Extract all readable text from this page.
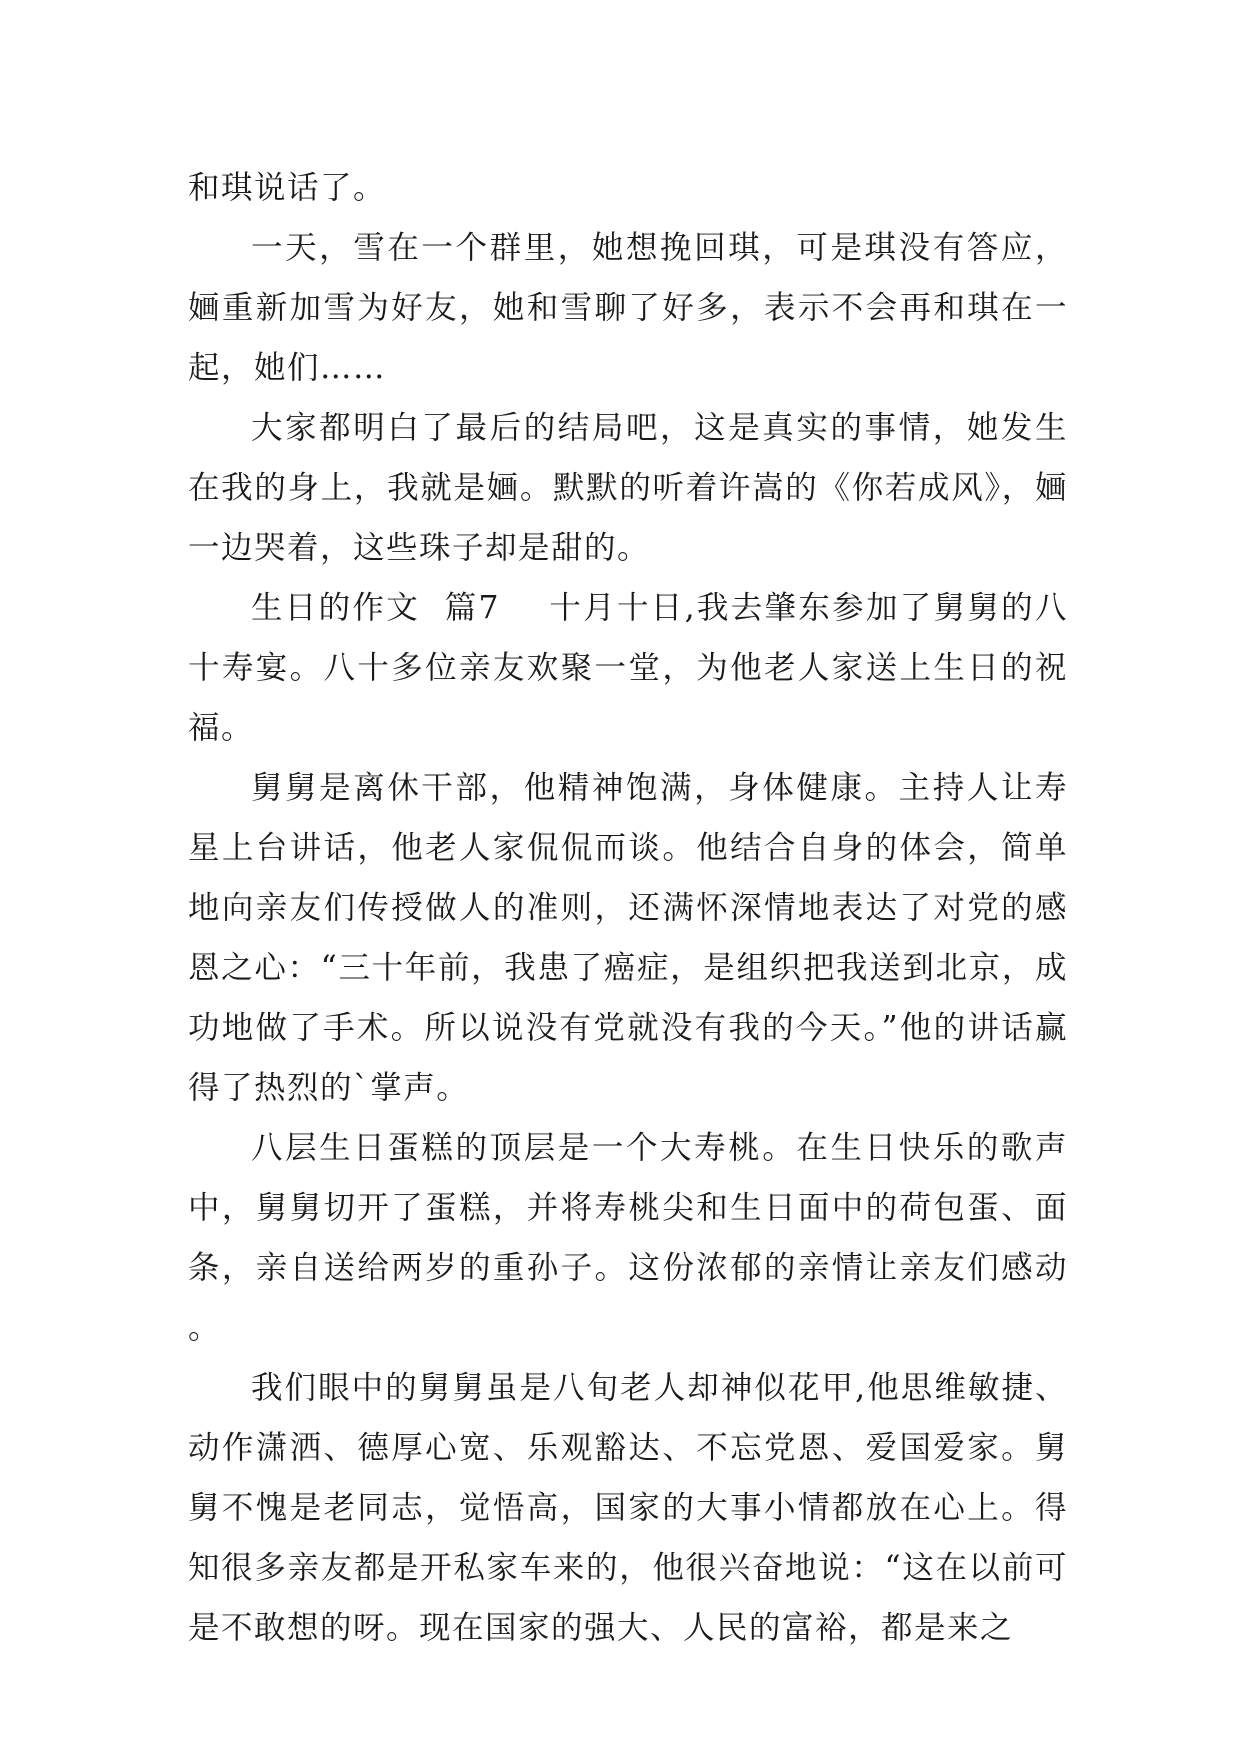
和琪说话了。

一天，雪在一个群里，她想挽回琪，可是琪没有答应，婳重新加雪为好友，她和雪聊了好多，表示不会再和琪在一起，她们……

大家都明白了最后的结局吧，这是真实的事情，她发生在我的身上，我就是婳。默默的听着许嵩的《你若成风》，婳一边哭着，这些珠子却是甜的。

生日的作文  篇7    十月十日,我去肇东参加了舅舅的八十寿宴。八十多位亲友欢聚一堂，为他老人家送上生日的祝福。

舅舅是离休干部，他精神饱满，身体健康。主持人让寿星上台讲话，他老人家侃侃而谈。他结合自身的体会，简单地向亲友们传授做人的准则，还满怀深情地表达了对党的感恩之心：“三十年前，我患了癌症，是组织把我送到北京，成功地做了手术。所以说没有党就没有我的今天。”他的讲话赢得了热烈的`掌声。

八层生日蛋糕的顶层是一个大寿桃。在生日快乐的歌声中，舅舅切开了蛋糕，并将寿桃尖和生日面中的荷包蛋、面条，亲自送给两岁的重孙子。这份浓郁的亲情让亲友们感动。

我们眼中的舅舅虽是八旬老人却神似花甲,他思维敏捷、动作潇洒、德厚心宽、乐观豁达、不忘党恩、爱国爱家。舅舅不愧是老同志，觉悟高，国家的大事小情都放在心上。得知很多亲友都是开私家车来的，他很兴奋地说：“这在以前可是不敢想的呀。现在国家的强大、人民的富裕，都是来之
